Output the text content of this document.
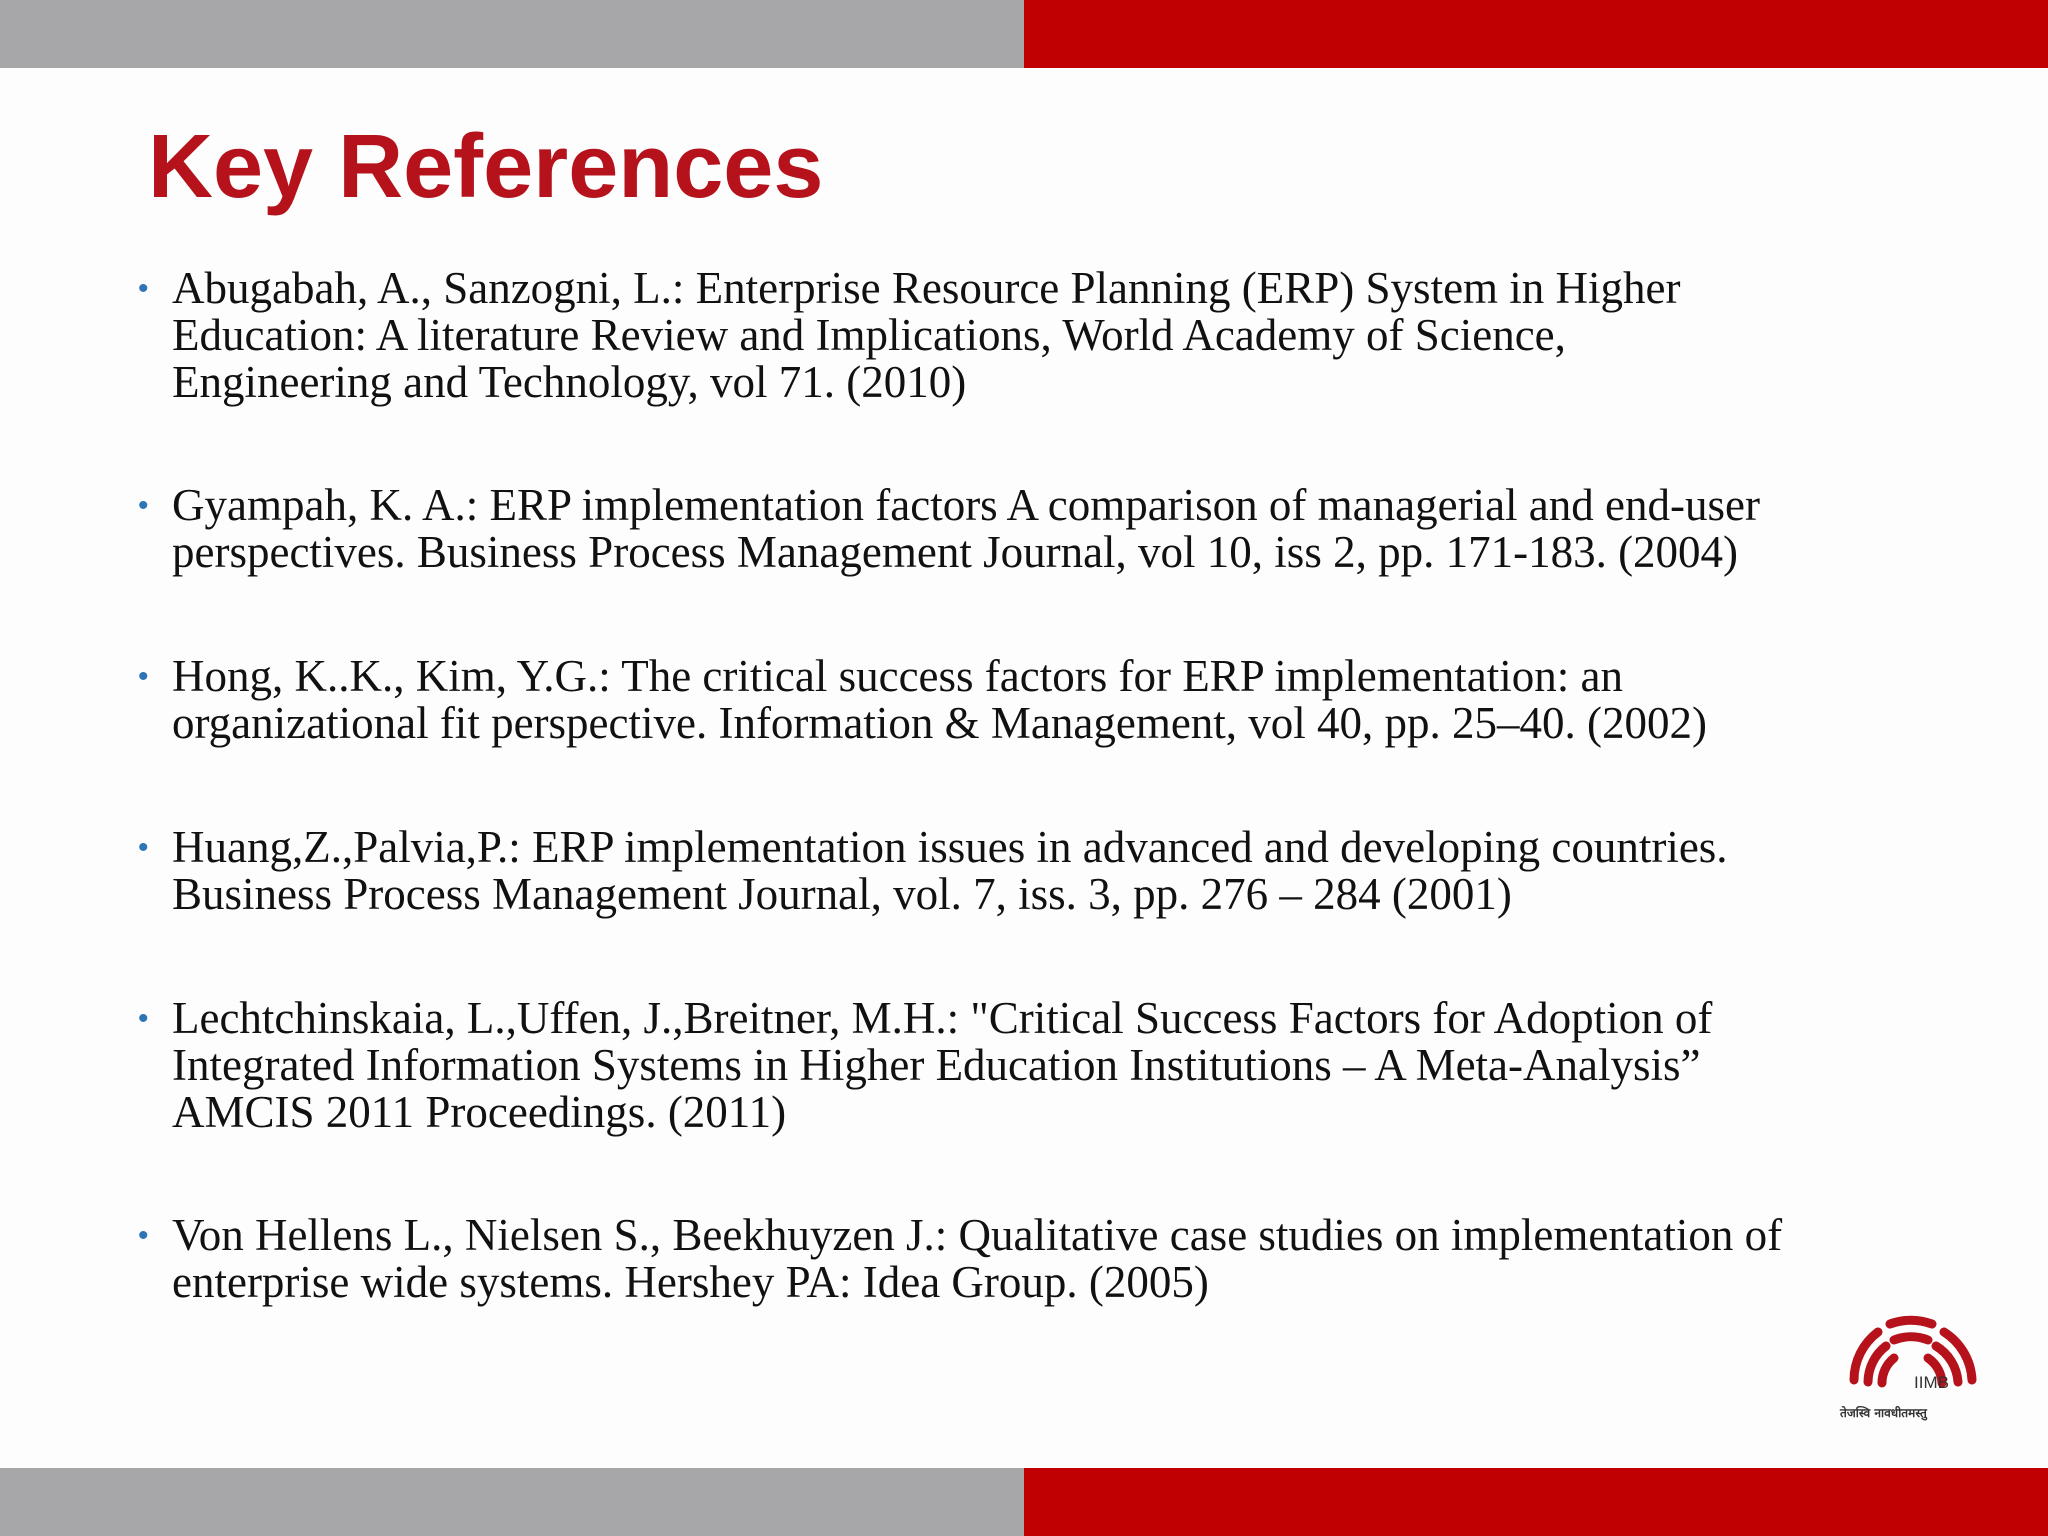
Key References
• Abugabah, A., Sanzogni, L.: Enterprise Resource Planning (ERP) System in Higher
Education: A literature Review and Implications, World Academy of Science,
Engineering and Technology, vol 71. (2010)
• Gyampah, K. A.: ERP implementation factors A comparison of managerial and end-user
perspectives. Business Process Management Journal, vol 10, iss 2, pp. 171-183. (2004)
• Hong, K..K., Kim, Y.G.: The critical success factors for ERP implementation: an
organizational fit perspective. Information & Management, vol 40, pp. 25–40. (2002)
• Huang,Z.,Palvia,P.: ERP implementation issues in advanced and developing countries.
Business Process Management Journal, vol. 7, iss. 3, pp. 276 – 284 (2001)
• Lechtchinskaia, L.,Uffen, J.,Breitner, M.H.: "Critical Success Factors for Adoption of
Integrated Information Systems in Higher Education Institutions – A Meta-Analysis”
AMCIS 2011 Proceedings. (2011)
• Von Hellens L., Nielsen S., Beekhuyzen J.: Qualitative case studies on implementation of
enterprise wide systems. Hershey PA: Idea Group. (2005)
IIMB
तेजस्वि नावधीतमस्तु
